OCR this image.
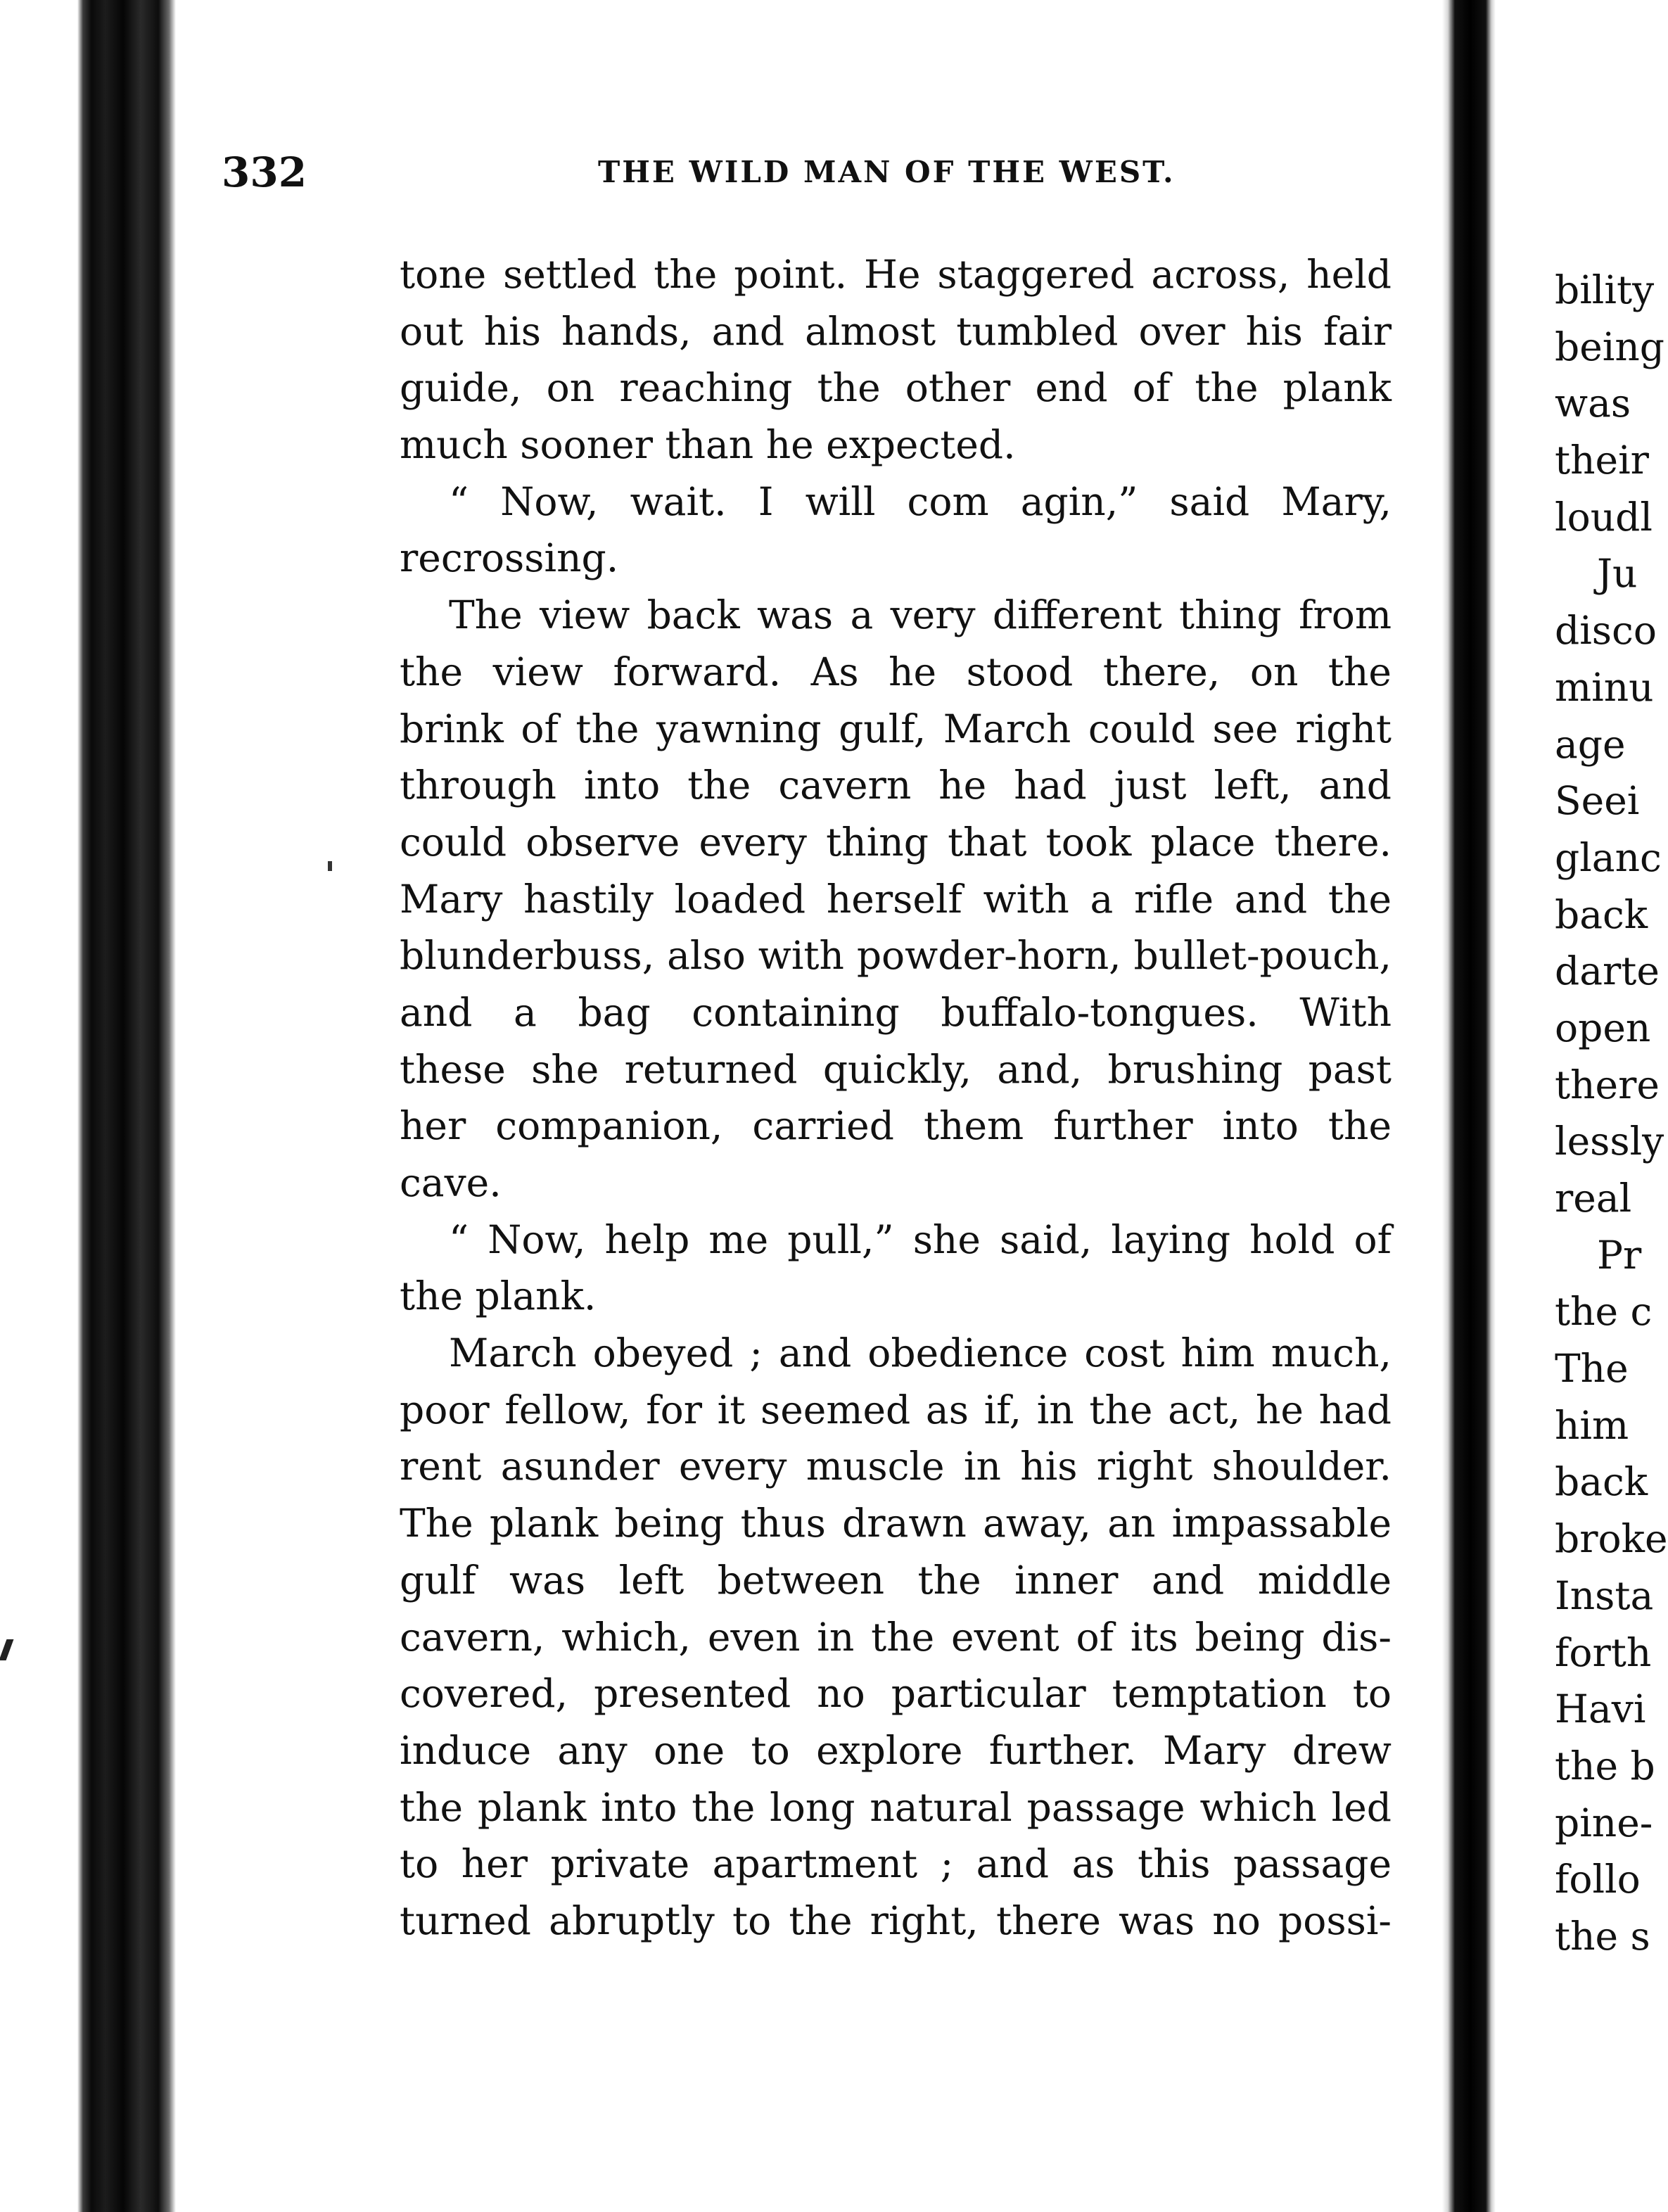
332	THE WILD MAN OF THE WEST.
tone settled the point. He staggered across, held
out his hands, and almost tumbled over his fair
guide, on reaching the other end of the plank
much sooner than he expected.
“ Now, wait. I will com agin,” said Mary,
recrossing.
The view back was a very different thing from
the view forward. As he stood there, on the
brink of the yawning gulf, March could see right
through into the cavern he had just left, and
could observe every thing that took place there.
Mary hastily loaded herself with a rifle and the
blunderbuss, also with powder-horn, bullet-pouch,
and a bag containing buffalo-tongues. With
these she returned quickly, and, brushing past
her companion, carried them further into the
cave.
“ Now, help me pull,” she said, laying hold of
the plank.
March obeyed ; and obedience cost him much,
poor fellow, for it seemed as if, in the act, he had
rent asunder every muscle in his right shoulder.
The plank being thus drawn away, an impassable
gulf was left between the inner and middle
cavern, which, even in the event of its being dis-
covered, presented no particular temptation to
induce any one to explore further. Mary drew
the plank into the long natural passage which led
to her private apartment ; and as this passage
turned abruptly to the right, there was no possi-
bility
being
was
their
loudl
Ju
disco
minu
age
Seei
glanc
back
darte
open
there
lessly
real
Pr
the c
The
him
back
broke
Insta
forth
Havi
the b
pine-
follo
the s
